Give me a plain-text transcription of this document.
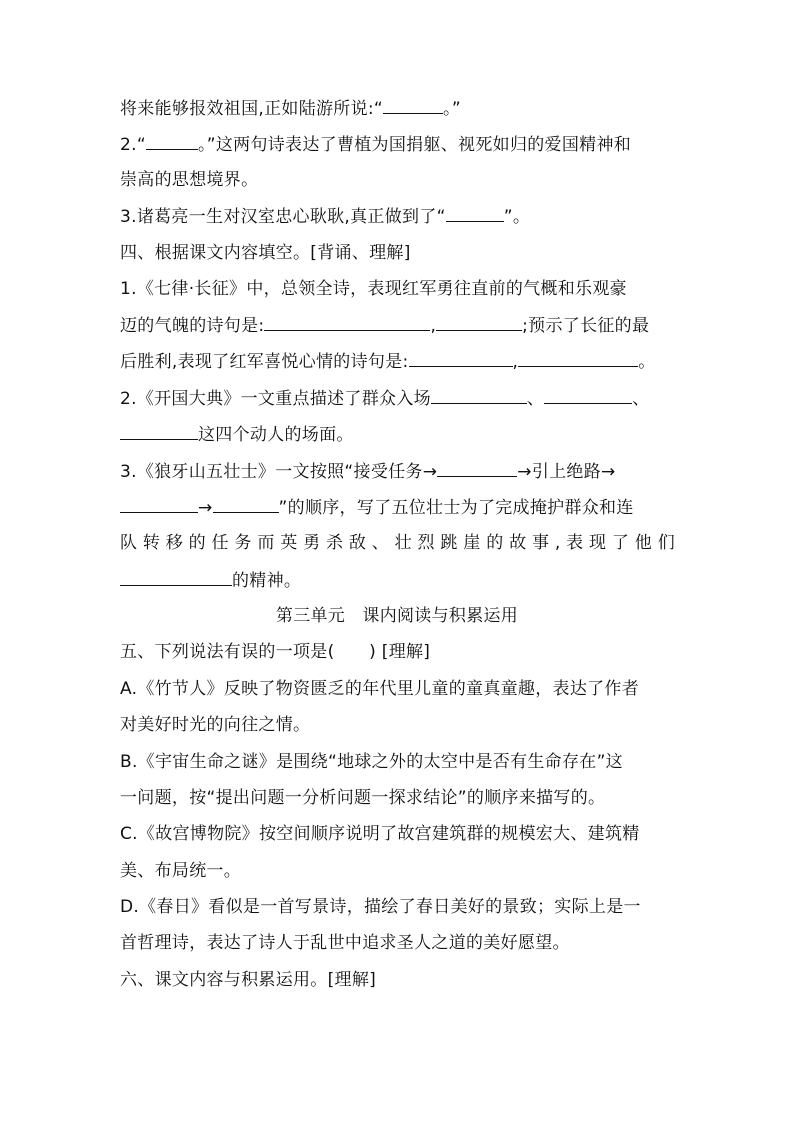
将来能够报效祖国,正如陆游所说:“	。”
2.“	。”这两句诗表达了曹植为国捐躯、视死如归的爱国精神和
崇高的思想境界。
3.诸葛亮一生对汉室忠心耿耿,真正做到了“	”。
四、根据课文内容填空。[背诵、理解]
1.《七律·长征》中，总领全诗，表现红军勇往直前的气概和乐观豪
迈的气魄的诗句是:	,	;预示了长征的最
后胜利,表现了红军喜悦心情的诗句是:	,	。
2.《开国大典》一文重点描述了群众入场	、	、
这四个动人的场面。
3.《狼牙山五壮士》一文按照“接受任务→	→引上绝路→
→	”的顺序，写了五位壮士为了完成掩护群众和连
队转移的任务而英勇杀敌、壮烈跳崖的故事,表现了他们
的精神。
第三单元　课内阅读与积累运用
五、下列说法有误的一项是(　　) [理解]
A.《竹节人》反映了物资匮乏的年代里儿童的童真童趣，表达了作者
对美好时光的向往之情。
B.《宇宙生命之谜》是围绕“地球之外的太空中是否有生命存在”这
一问题，按“提出问题一分析问题一探求结论”的顺序来描写的。
C.《故宫博物院》按空间顺序说明了故宫建筑群的规模宏大、建筑精
美、布局统一。
D.《春日》看似是一首写景诗，描绘了春日美好的景致；实际上是一
首哲理诗，表达了诗人于乱世中追求圣人之道的美好愿望。
六、课文内容与积累运用。[理解]
